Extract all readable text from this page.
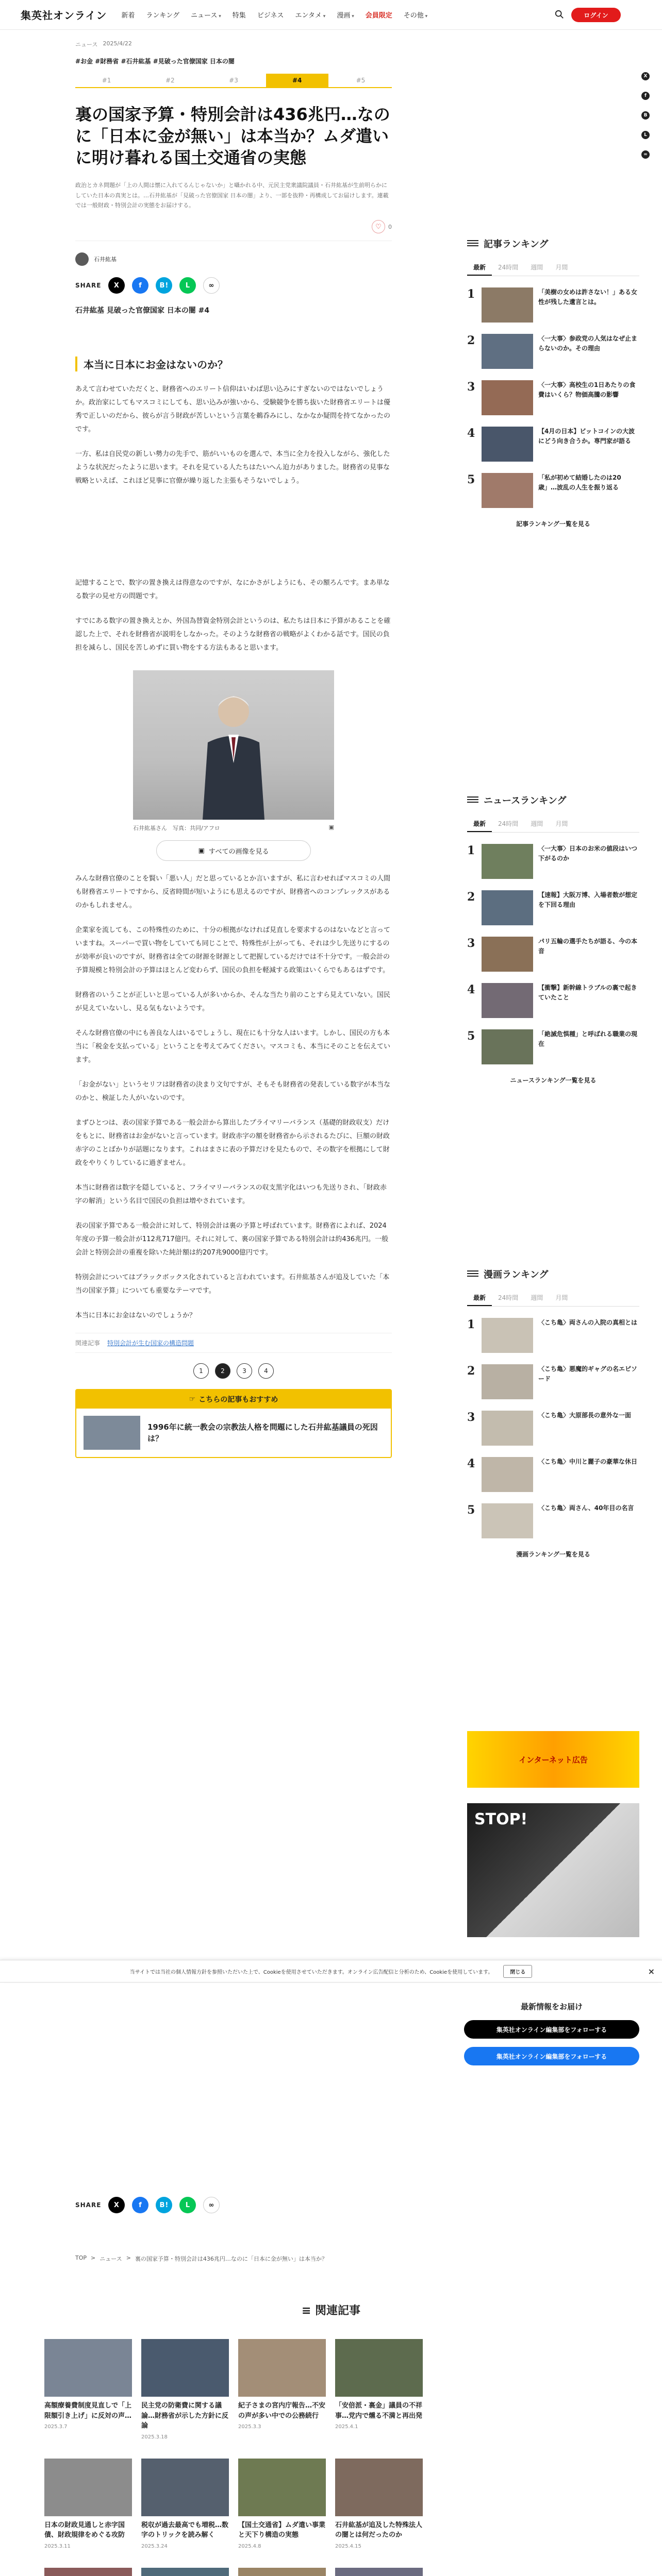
集英社オンライン 新着 ランキング ニュース ▾	特集 ビジネス エンタメ ▾	漫画 ▾	会員限定 その他 ▾	ログイン
X
f
B
L
∞
ニュース 2025/4/22
#お金 #財務省 #石井紘基 #見破った官僚国家 日本の闇
#1	#2	#3	#4	#5
裏の国家予算・特別会計は436兆円…なのに「日本に金が無い」は本当か？ムダ遣いに明け暮れる国土交通省の実態

政治とカネ問題が「上の人間は懐に入れてるんじゃないか」と囁かれる中、元民主党衆議院議員・石井紘基が生前明らかにしていた日本の真実とは。…石井紘基が「見破った官僚国家 日本の闇」より、一部を抜粋・再構成してお届けします。連載では一般財政・特別会計の実態をお届けする。

♡	0
石井紘基
SHARE	X	f	B!	L	∞
石井紘基 見破った官僚国家 日本の闇 #4
本当に日本にお金はないのか？

あえて言わせていただくと、財務省へのエリート信仰はいわば思い込みにすぎないのではないでしょうか。政治家にしてもマスコミにしても、思い込みが強いから、受験競争を勝ち抜いた財務省エリートは優秀で正しいのだから、彼らが言う財政が苦しいという言葉を鵜呑みにし、なかなか疑問を持てなかったのです。

一方、私は自民党の新しい勢力の先手で、筋がいいものを選んで、本当に全力を投入しながら、強化したような状況だったように思います。それを見ている人たちはたいへん迫力がありました。財務省の見事な戦略といえば、これほど見事に官僚が繰り返した主張もそうないでしょう。

記憶することで、数字の置き換えは得意なのですが、なにかさがしようにも、その額ろんです。まあ単なる数字の見せ方の問題です。

すでにある数字の置き換えとか、外国為替資金特別会計というのは、私たちは日本に予算があることを確認した上で、それを財務省が説明をしなかった。そのような財務省の戦略がよくわかる話です。国民の負担を減らし、国民を苦しめずに買い物をする方法もあると思います。

石井紘基さん　写真：共同/アフロ	▣
▣ すべての画像を見る

みんな財務官僚のことを賢い「悪い人」だと思っているとか言いますが、私に言わせればマスコミの人間も財務省エリートですから、反省時間が短いようにも思えるのですが、財務省へのコンプレックスがあるのかもしれません。

企業家を流しても、この特殊性のために、十分の根拠がなければ見直しを要求するのはないなどと言っていますね。スーパーで買い物をしていても同じことで、特殊性が上がっても、それは少し先送りにするのが効率が良いのですが、財務省は全ての財源を財源として把握しているだけでは不十分です。一般会計の予算規模と特別会計の予算はほとんど変わらず、国民の負担を軽減する政策はいくらでもあるはずです。

財務省のいうことが正しいと思っている人が多いからか、そんな当たり前のことすら見えていない。国民が見えていないし、見る気もないようです。

そんな財務官僚の中にも善良な人はいるでしょうし、現在にも十分な人はいます。しかし、国民の方も本当に「税金を支払っている」ということを考えてみてください。マスコミも、本当にそのことを伝えています。

「お金がない」というセリフは財務省の決まり文句ですが、そもそも財務省の発表している数字が本当なのかと、検証した人がいないのです。

まずひとつは、表の国家予算である一般会計から算出したプライマリーバランス（基礎的財政収支）だけをもとに、財務省はお金がないと言っています。財政赤字の額を財務省から示されるたびに、巨額の財政赤字のことばかりが話題になります。これはまさに表の予算だけを見たもので、その数字を根拠にして財政をやりくりしているに過ぎません。

本当に財務省は数字を隠していると、フライマリーバランスの収支黒字化はいつも先送りされ、「財政赤字の解消」という名目で国民の負担は増やされています。

表の国家予算である一般会計に対して、特別会計は裏の予算と呼ばれています。財務省によれば、2024年度の予算一般会計が112兆717億円。それに対して、裏の国家予算である特別会計は約436兆円。一般会計と特別会計の重複を除いた純計額は約207兆9000億円です。

特別会計についてはブラックボックス化されていると言われています。石井紘基さんが追及していた「本当の国家予算」についても重要なテーマです。

本当に日本にお金はないのでしょうか？

関連記事 特別会計が生む国家の構造問題
1	2	3	4
☞ こちらの記事もおすすめ
1996年に統一教会の宗教法人格を問題にした石井紘基議員の死因は？
記事ランキング
最新	24時間	週間	月間
1	「美樹の女めは許さない！」ある女性が残した遺言とは。
2	〈一大事〉参政党の人気はなぜ止まらないのか。その理由
3	〈一大事〉高校生の1日あたりの食費はいくら？物価高騰の影響
4	【4月の日本】ビットコインの大波にどう向き合うか。専門家が語る
5	「私が初めて結婚したのは20歳」…波乱の人生を振り返る
記事ランキング一覧を見る
ニュースランキング
最新	24時間	週間	月間
1	〈一大事〉日本のお米の値段はいつ下がるのか
2	【速報】大阪万博、入場者数が想定を下回る理由
3	パリ五輪の選手たちが語る、今の本音
4	【衝撃】新幹線トラブルの裏で起きていたこと
5	「絶滅危惧種」と呼ばれる職業の現在
ニュースランキング一覧を見る
漫画ランキング
最新	24時間	週間	月間
1	〈こち亀〉両さんの入院の真相とは
2	〈こち亀〉悪魔的ギャグの名エピソード
3	〈こち亀〉大原部長の意外な一面
4	〈こち亀〉中川と麗子の豪華な休日
5	〈こち亀〉両さん、40年目の名言
漫画ランキング一覧を見る
インターネット広告
STOP!
当サイトでは当社の個人情報方針を参照いただいた上で、Cookieを使用させていただきます。オンライン広告配信と分析のため、Cookieを使用しています。	閉じる	×
最新情報をお届け
集英社オンライン編集部をフォローする
集英社オンライン編集部をフォローする
SHARE	X	f	B!	L	∞
TOP > ニュース > 裏の国家予算・特別会計は436兆円…なのに「日本に金が無い」は本当か？
≡ 関連記事
高額療養費制度見直しで「上限額引き上げ」に反対の声…
2025.3.7
民主党の防衛費に関する議論…財務省が示した方針に反論
2025.3.18
紀子さまの宮内庁報告…不安の声が多い中での公務続行
2025.3.3
「安倍派・裏金」議員の不祥事…党内で燻る不満と再出発
2025.4.1
日本の財政見通しと赤字国債、財政規律をめぐる攻防
2025.3.11
税収が過去最高でも増税…数字のトリックを読み解く
2025.3.24
【国土交通省】ムダ遣い事業と天下り構造の実態
2025.4.8
石井紘基が追及した特殊法人の闇とは何だったのか
2025.4.15
